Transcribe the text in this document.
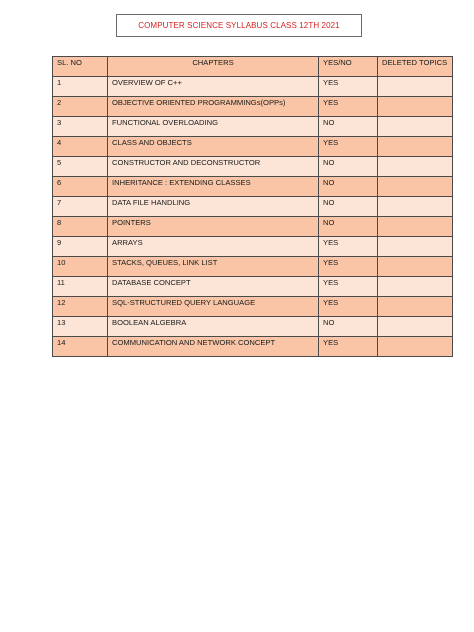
COMPUTER SCIENCE SYLLABUS CLASS 12TH 2021
SL. NO	CHAPTERS	YES/NO	DELETED TOPICS
1	OVERVIEW OF C++	YES	
2	OBJECTIVE ORIENTED PROGRAMMINGs(OPPs)	YES	
3	FUNCTIONAL OVERLOADING	NO	
4	CLASS AND OBJECTS	YES	
5	CONSTRUCTOR AND DECONSTRUCTOR	NO	
6	INHERITANCE : EXTENDING CLASSES	NO	
7	DATA FILE HANDLING	NO	
8	POINTERS	NO	
9	ARRAYS	YES	
10	STACKS, QUEUES, LINK LIST	YES	
11	DATABASE CONCEPT	YES	
12	SQL-STRUCTURED QUERY LANGUAGE	YES	
13	BOOLEAN ALGEBRA	NO	
14	COMMUNICATION AND NETWORK CONCEPT	YES	
